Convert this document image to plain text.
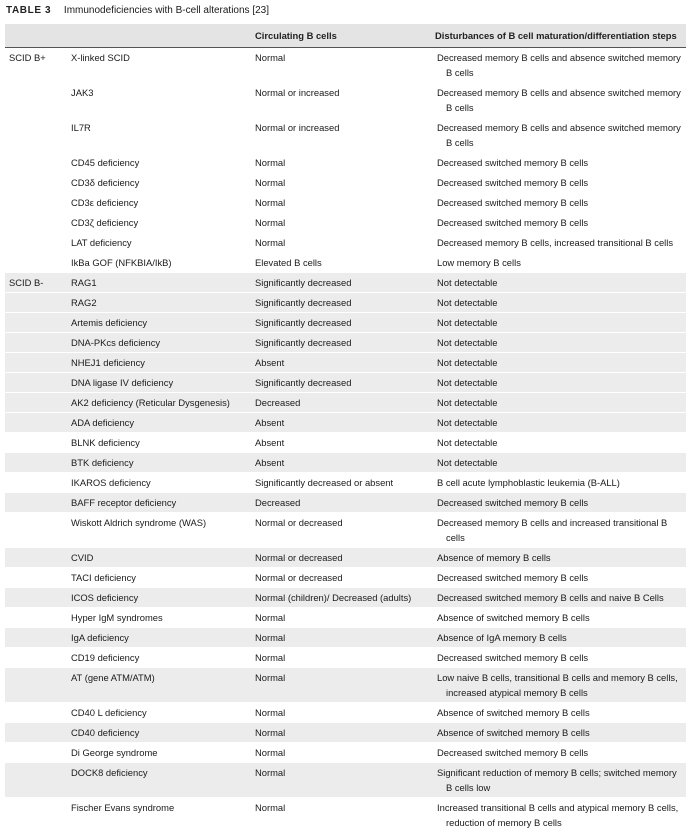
TABLE 3 Immunodeficiencies with B-cell alterations [23]
		Circulating B cells	Disturbances of B cell maturation/differentiation steps
SCID B+	X-linked SCID	Normal	Decreased memory B cells and absence switched memory B cells
	JAK3	Normal or increased	Decreased memory B cells and absence switched memory B cells
	IL7R	Normal or increased	Decreased memory B cells and absence switched memory B cells
	CD45 deficiency	Normal	Decreased switched memory B cells
	CD3δ deficiency	Normal	Decreased switched memory B cells
	CD3ε deficiency	Normal	Decreased switched memory B cells
	CD3ζ deficiency	Normal	Decreased switched memory B cells
	LAT deficiency	Normal	Decreased memory B cells, increased transitional B cells
	IkBa GOF (NFKBIA/IkB)	Elevated B cells	Low memory B cells
SCID B-	RAG1	Significantly decreased	Not detectable
	RAG2	Significantly decreased	Not detectable
	Artemis deficiency	Significantly decreased	Not detectable
	DNA-PKcs deficiency	Significantly decreased	Not detectable
	NHEJ1 deficiency	Absent	Not detectable
	DNA ligase IV deficiency	Significantly decreased	Not detectable
	AK2 deficiency (Reticular Dysgenesis)	Decreased	Not detectable
	ADA deficiency	Absent	Not detectable
	BLNK deficiency	Absent	Not detectable
	BTK deficiency	Absent	Not detectable
	IKAROS deficiency	Significantly decreased or absent	B cell acute lymphoblastic leukemia (B-ALL)
	BAFF receptor deficiency	Decreased	Decreased switched memory B cells
	Wiskott Aldrich syndrome (WAS)	Normal or decreased	Decreased memory B cells and increased transitional B cells
	CVID	Normal or decreased	Absence of memory B cells
	TACI deficiency	Normal or decreased	Decreased switched memory B cells
	ICOS deficiency	Normal (children)/ Decreased (adults)	Decreased switched memory B cells and naive B Cells
	Hyper IgM syndromes	Normal	Absence of switched memory B cells
	IgA deficiency	Normal	Absence of IgA memory B cells
	CD19 deficiency	Normal	Decreased switched memory B cells
	AT (gene ATM/ATM)	Normal	Low naive B cells, transitional B cells and memory B cells, increased atypical memory B cells
	CD40 L deficiency	Normal	Absence of switched memory B cells
	CD40 deficiency	Normal	Absence of switched memory B cells
	Di George syndrome	Normal	Decreased switched memory B cells
	DOCK8 deficiency	Normal	Significant reduction of memory B cells; switched memory B cells low
	Fischer Evans syndrome	Normal	Increased transitional B cells and atypical memory B cells, reduction of memory B cells
